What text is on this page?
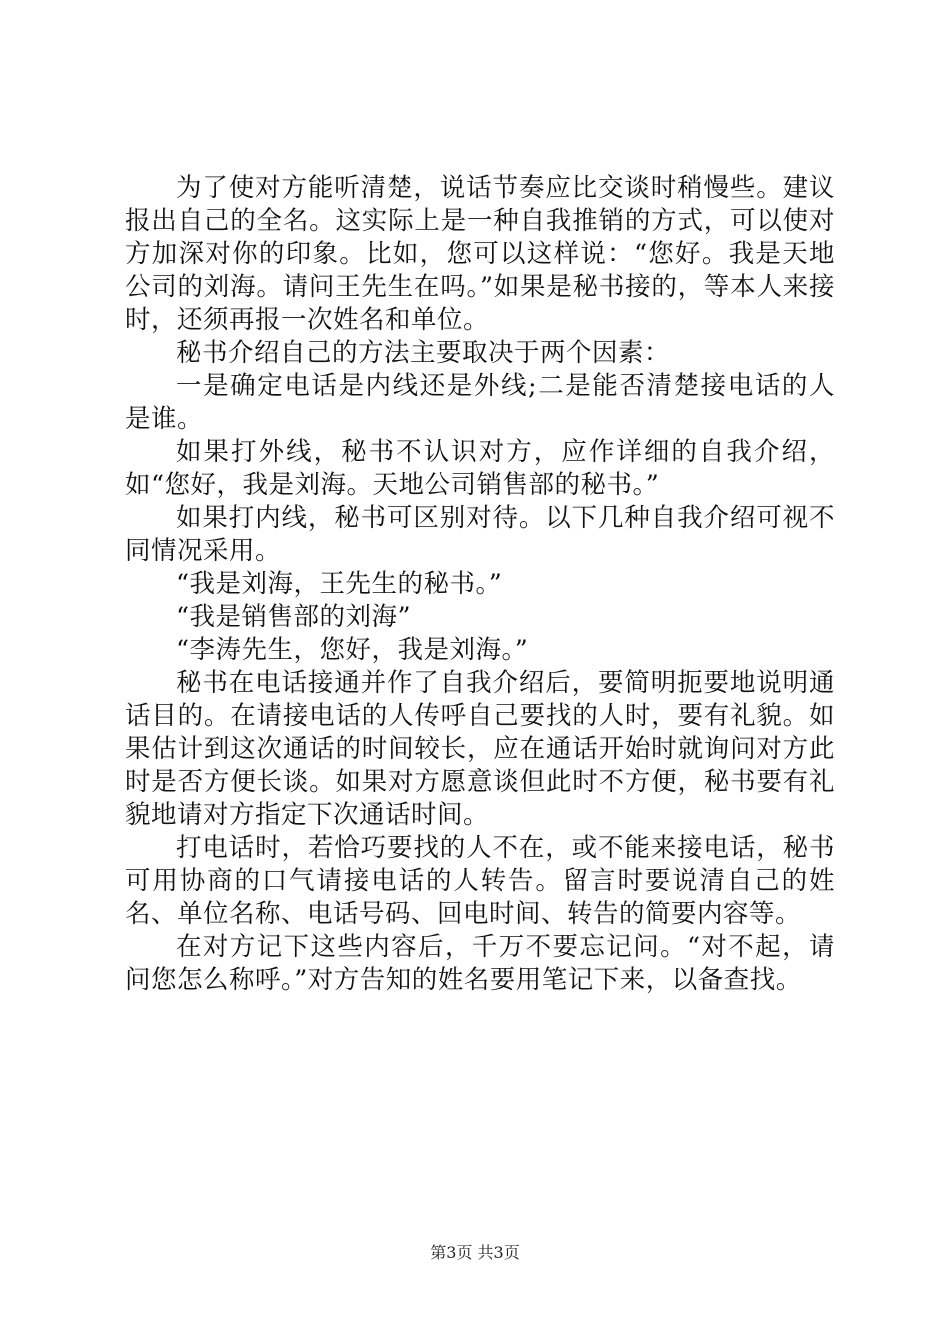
为了使对方能听清楚，说话节奏应比交谈时稍慢些。建议报出自己的全名。这实际上是一种自我推销的方式，可以使对方加深对你的印象。比如，您可以这样说：“您好。我是天地公司的刘海。请问王先生在吗。”如果是秘书接的，等本人来接时，还须再报一次姓名和单位。

秘书介绍自己的方法主要取决于两个因素：

一是确定电话是内线还是外线;二是能否清楚接电话的人是谁。

如果打外线，秘书不认识对方，应作详细的自我介绍，如“您好，我是刘海。天地公司销售部的秘书。”

如果打内线，秘书可区别对待。以下几种自我介绍可视不同情况采用。

“我是刘海，王先生的秘书。”

“我是销售部的刘海”

“李涛先生，您好，我是刘海。”

秘书在电话接通并作了自我介绍后，要简明扼要地说明通话目的。在请接电话的人传呼自己要找的人时，要有礼貌。如果估计到这次通话的时间较长，应在通话开始时就询问对方此时是否方便长谈。如果对方愿意谈但此时不方便，秘书要有礼貌地请对方指定下次通话时间。

打电话时，若恰巧要找的人不在，或不能来接电话，秘书可用协商的口气请接电话的人转告。留言时要说清自己的姓名、单位名称、电话号码、回电时间、转告的简要内容等。

在对方记下这些内容后，千万不要忘记问。“对不起，请问您怎么称呼。”对方告知的姓名要用笔记下来，以备查找。

第3页 共3页
